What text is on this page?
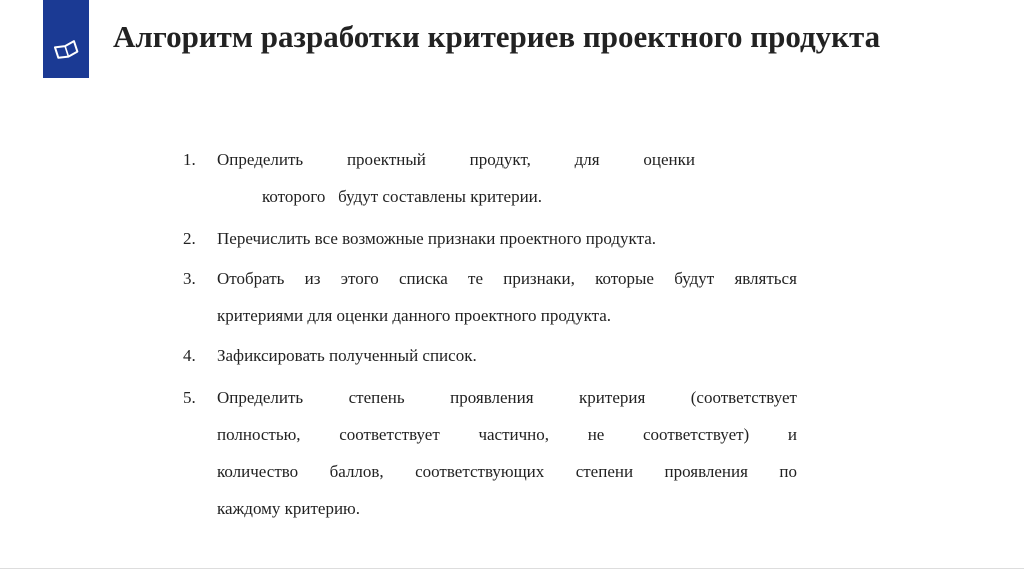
Алгоритм разработки критериев проектного продукта
1.	Определить	проектный	продукт,	для	оценки
которого   будут составлены критерии.
2.	Перечислить все возможные признаки проектного продукта.
3.	Отобрать из этого списка те признаки, которые будут являться
критериями для оценки данного проектного продукта.
4.	Зафиксировать полученный список.
5.	Определить	степень	проявления	критерия	(соответствует
полностью, соответствует частично, не соответствует) и
количество баллов, соответствующих степени проявления по
каждому критерию.
